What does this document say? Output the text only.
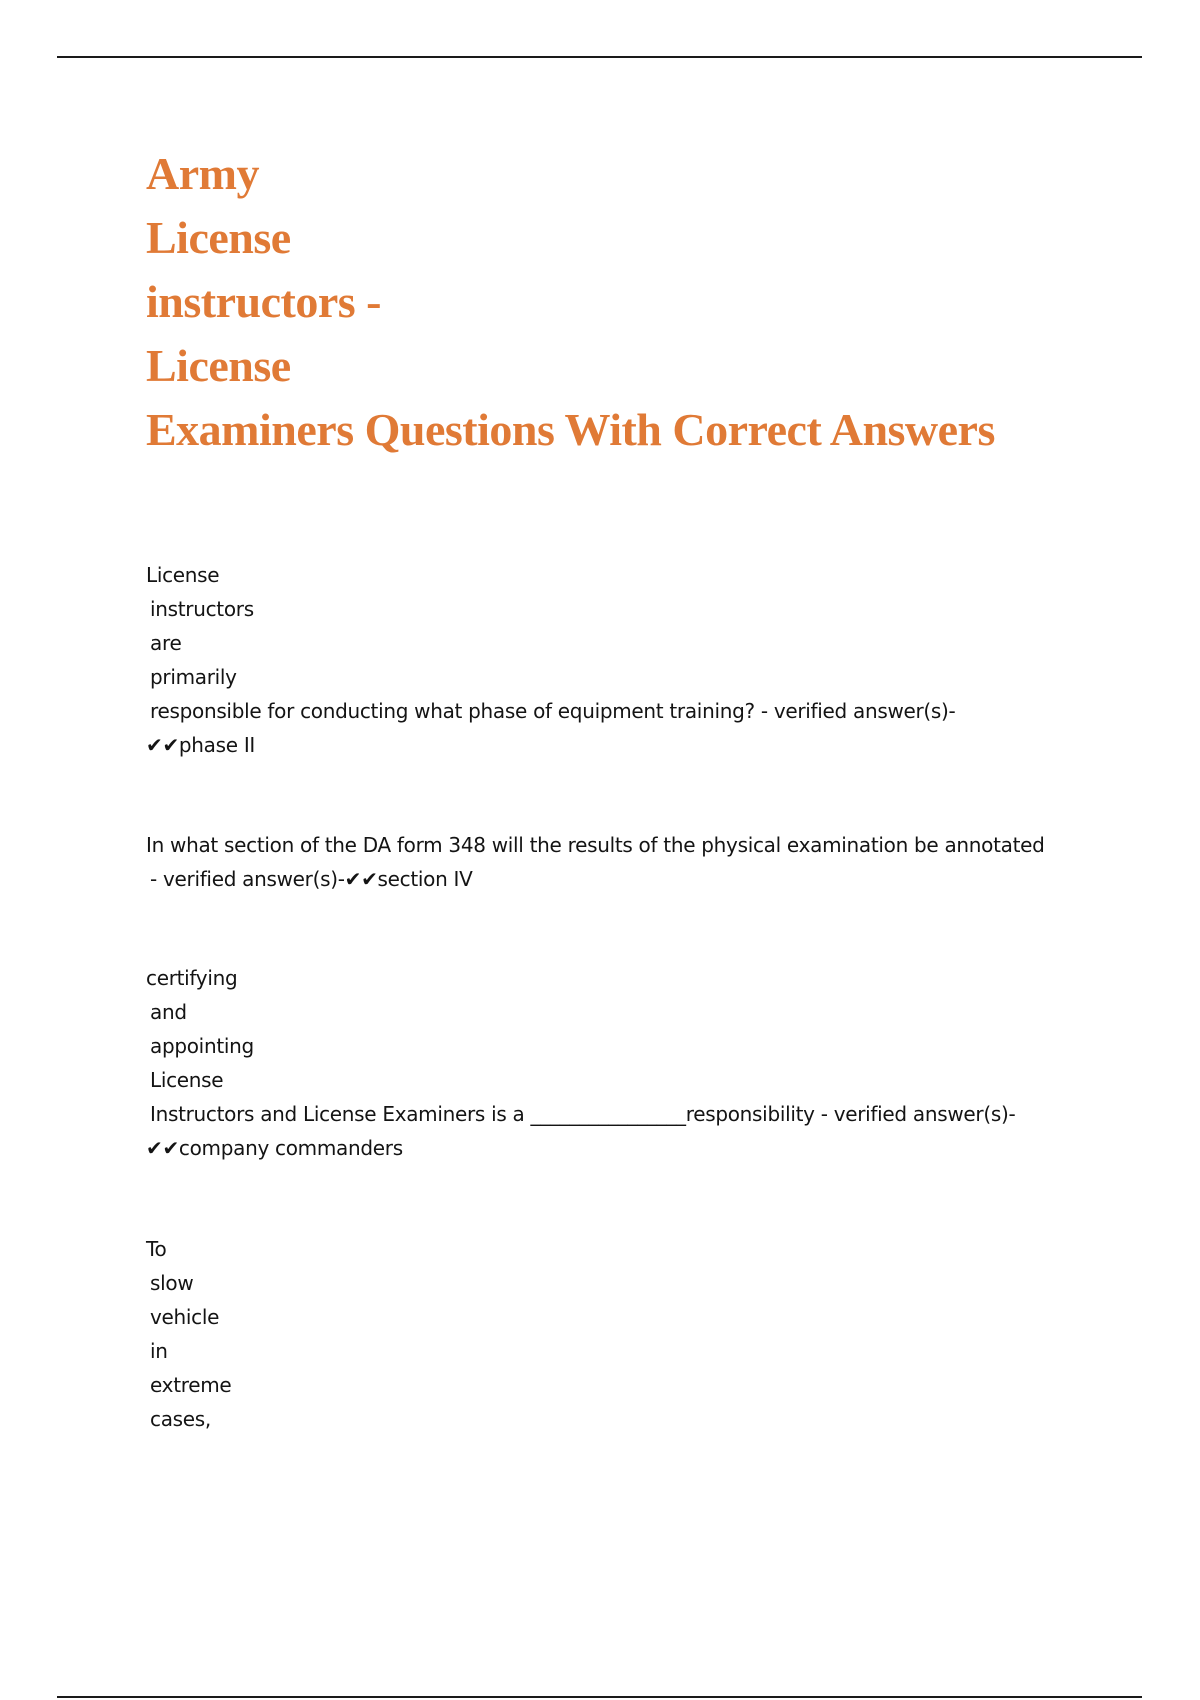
Army
License
instructors -
License
Examiners Questions With Correct Answers
License
instructors
are
primarily
responsible for conducting what phase of equipment training? - verified answer(s)-
✔✔phase II
In what section of the DA form 348 will the results of the physical examination be annotated
- verified answer(s)-✔✔section IV
certifying
and
appointing
License
Instructors and License Examiners is a ________________responsibility - verified answer(s)-
✔✔company commanders
To
slow
vehicle
in
extreme
cases,
